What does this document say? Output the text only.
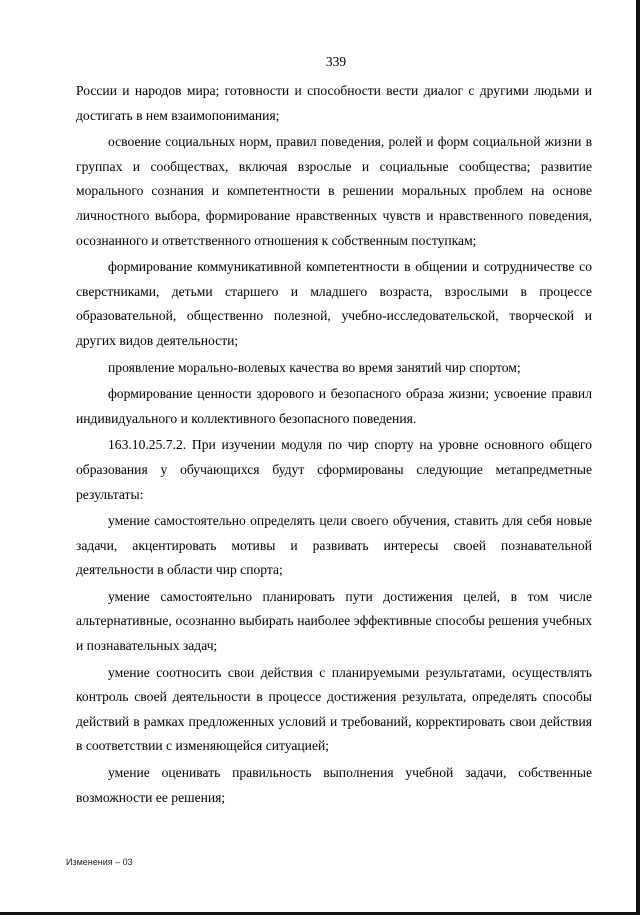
339

России и народов мира; готовности и способности вести диалог с другими людьми и достигать в нем взаимопонимания;

освоение социальных норм, правил поведения, ролей и форм социальной жизни в группах и сообществах, включая взрослые и социальные сообщества; развитие морального сознания и компетентности в решении моральных проблем на основе личностного выбора, формирование нравственных чувств и нравственного поведения, осознанного и ответственного отношения к собственным поступкам;

формирование коммуникативной компетентности в общении и сотрудничестве со сверстниками, детьми старшего и младшего возраста, взрослыми в процессе образовательной, общественно полезной, учебно-исследовательской, творческой и других видов деятельности;

проявление морально-волевых качества во время занятий чир спортом;

формирование ценности здорового и безопасного образа жизни; усвоение правил индивидуального и коллективного безопасного поведения.

163.10.25.7.2. При изучении модуля по чир спорту на уровне основного общего образования у обучающихся будут сформированы следующие метапредметные результаты:

умение самостоятельно определять цели своего обучения, ставить для себя новые задачи, акцентировать мотивы и развивать интересы своей познавательной деятельности в области чир спорта;

умение самостоятельно планировать пути достижения целей, в том числе альтернативные, осознанно выбирать наиболее эффективные способы решения учебных и познавательных задач;

умение соотносить свои действия с планируемыми результатами, осуществлять контроль своей деятельности в процессе достижения результата, определять способы действий в рамках предложенных условий и требований, корректировать свои действия в соответствии с изменяющейся ситуацией;

умение оценивать правильность выполнения учебной задачи, собственные возможности ее решения;

Изменения – 03
